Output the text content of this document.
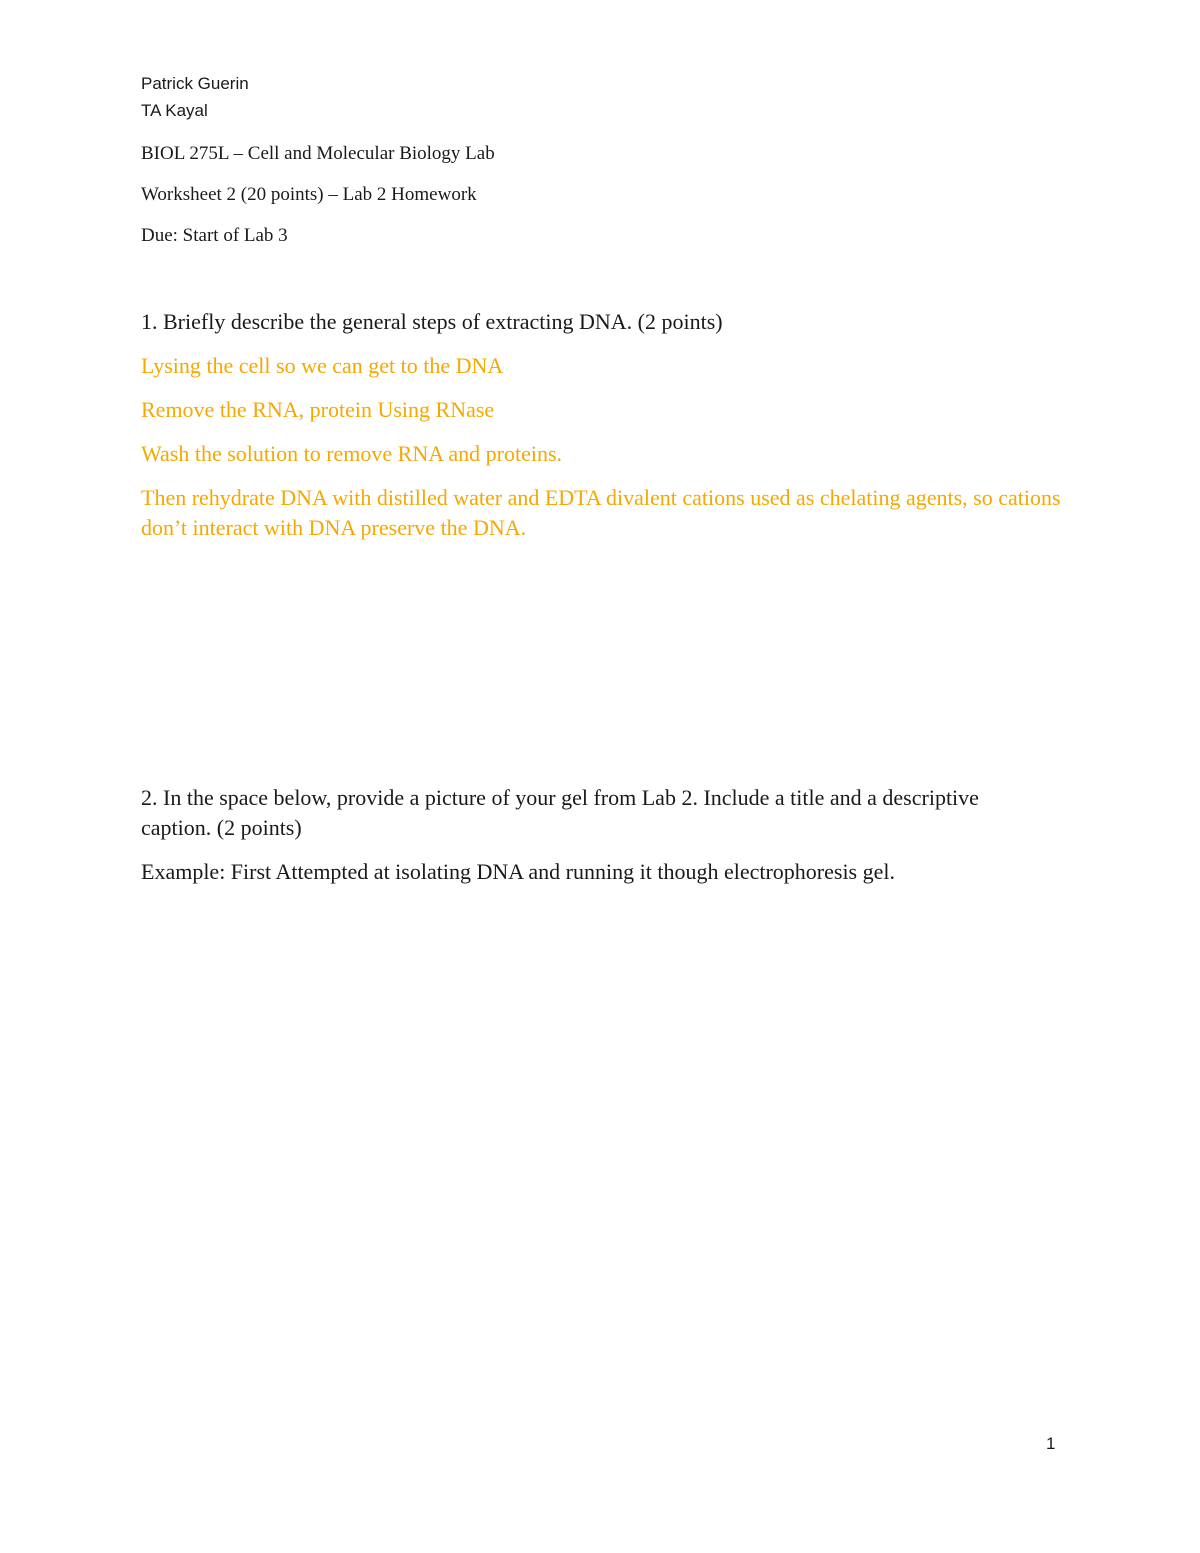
Patrick Guerin

TA Kayal

BIOL 275L – Cell and Molecular Biology Lab

Worksheet 2 (20 points) – Lab 2 Homework

Due: Start of Lab 3

1. Briefly describe the general steps of extracting DNA. (2 points)

Lysing the cell so we can get to the DNA

Remove the RNA, protein Using RNase

Wash the solution to remove RNA and proteins.

Then rehydrate DNA with distilled water and EDTA divalent cations used as chelating agents, so cations don’t interact with DNA preserve the DNA.

2. In the space below, provide a picture of your gel from Lab 2. Include a title and a descriptive caption. (2 points)

Example: First Attempted at isolating DNA and running it though electrophoresis gel.

1
